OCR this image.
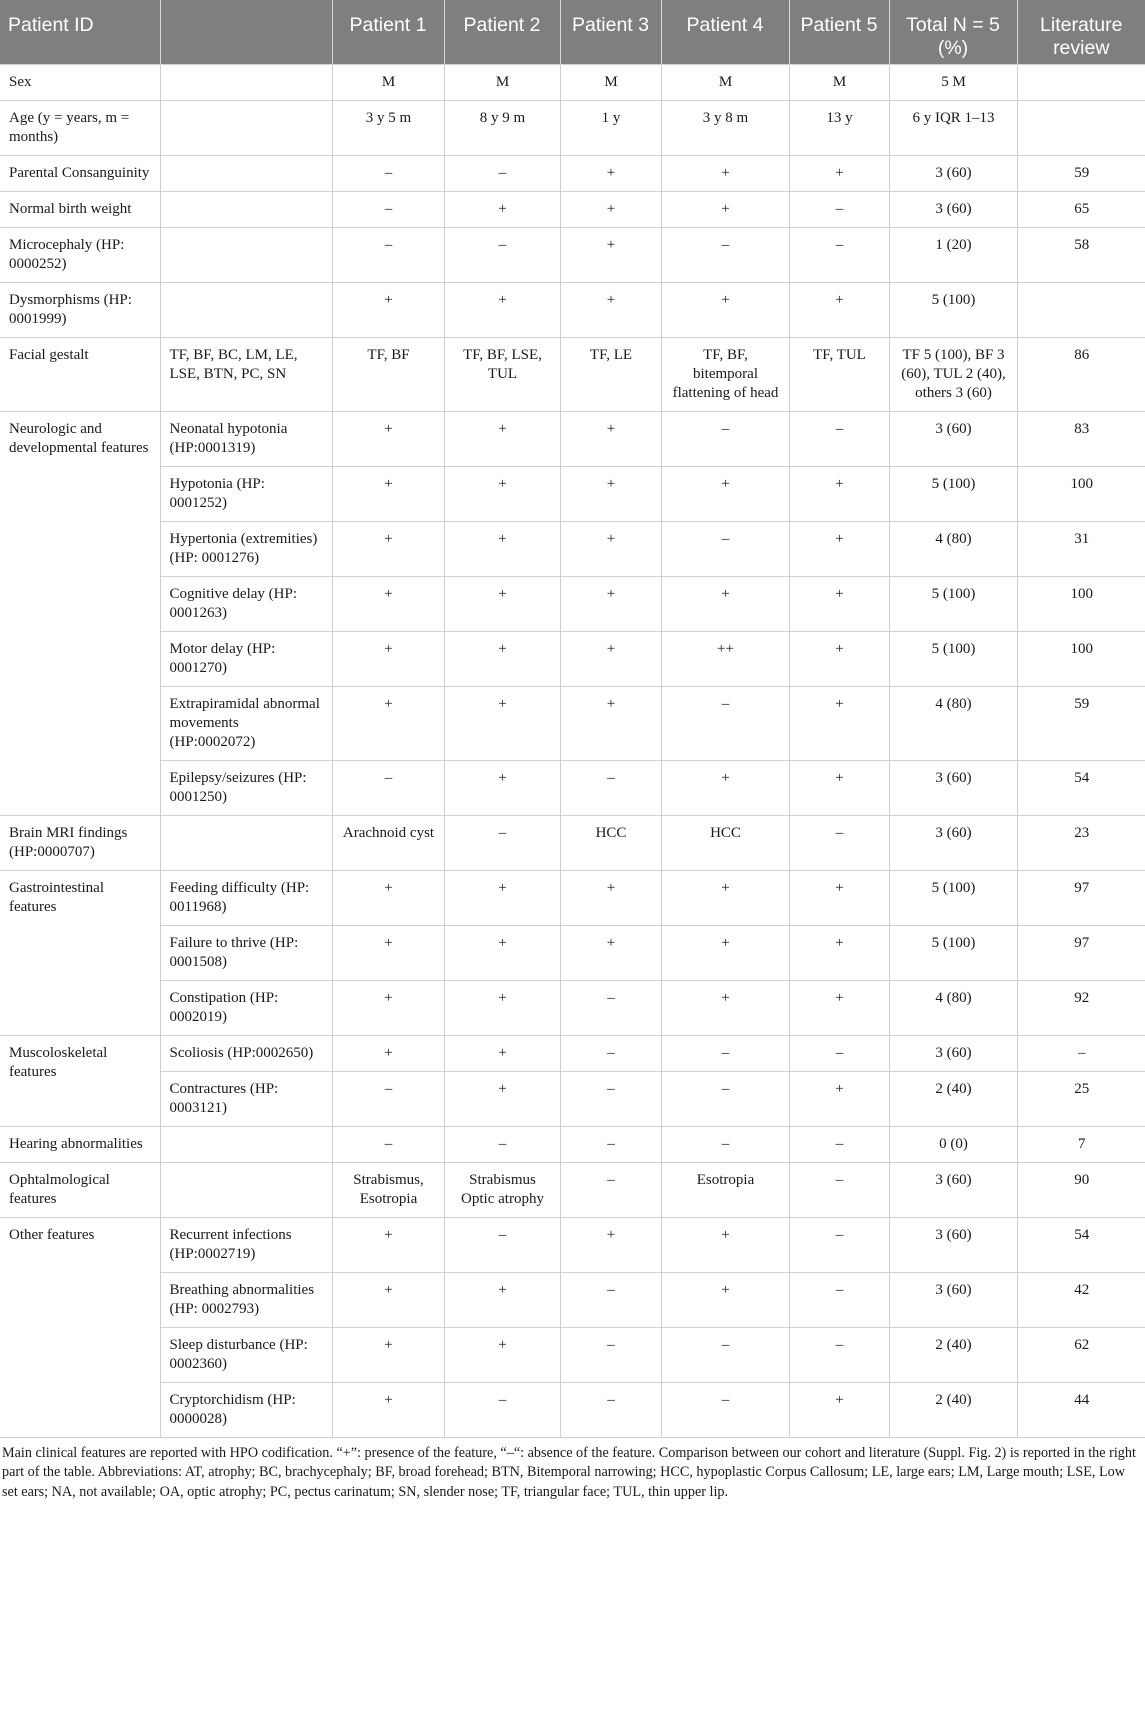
Patient ID		Patient 1	Patient 2	Patient 3	Patient 4	Patient 5	Total N = 5 (%)	Literature review
Sex		M	M	M	M	M	5 M	
Age (y = years, m = months)		3 y 5 m	8 y 9 m	1 y	3 y 8 m	13 y	6 y IQR 1–13	
Parental Consanguinity		–	–	+	+	+	3 (60)	59
Normal birth weight		–	+	+	+	–	3 (60)	65
Microcephaly (HP: 0000252)		–	–	+	–	–	1 (20)	58
Dysmorphisms (HP: 0001999)		+	+	+	+	+	5 (100)	
Facial gestalt	TF, BF, BC, LM, LE, LSE, BTN, PC, SN	TF, BF	TF, BF, LSE, TUL	TF, LE	TF, BF, bitemporal flattening of head	TF, TUL	TF 5 (100), BF 3 (60), TUL 2 (40), others 3 (60)	86
Neurologic and developmental features	Neonatal hypotonia (HP:0001319)	+	+	+	–	–	3 (60)	83
	Hypotonia (HP: 0001252)	+	+	+	+	+	5 (100)	100
	Hypertonia (extremities) (HP: 0001276)	+	+	+	–	+	4 (80)	31
	Cognitive delay (HP: 0001263)	+	+	+	+	+	5 (100)	100
	Motor delay (HP: 0001270)	+	+	+	++	+	5 (100)	100
	Extrapiramidal abnormal movements (HP:0002072)	+	+	+	–	+	4 (80)	59
	Epilepsy/seizures (HP: 0001250)	–	+	–	+	+	3 (60)	54
Brain MRI findings (HP:0000707)		Arachnoid cyst	–	HCC	HCC	–	3 (60)	23
Gastrointestinal features	Feeding difficulty (HP: 0011968)	+	+	+	+	+	5 (100)	97
	Failure to thrive (HP: 0001508)	+	+	+	+	+	5 (100)	97
	Constipation (HP: 0002019)	+	+	–	+	+	4 (80)	92
Muscoloskeletal features	Scoliosis (HP:0002650)	+	+	–	–	–	3 (60)	–
	Contractures (HP: 0003121)	–	+	–	–	+	2 (40)	25
Hearing abnormalities		–	–	–	–	–	0 (0)	7
Ophtalmological features		Strabismus, Esotropia	Strabismus Optic atrophy	–	Esotropia	–	3 (60)	90
Other features	Recurrent infections (HP:0002719)	+	–	+	+	–	3 (60)	54
	Breathing abnormalities (HP: 0002793)	+	+	–	+	–	3 (60)	42
	Sleep disturbance (HP: 0002360)	+	+	–	–	–	2 (40)	62
	Cryptorchidism (HP: 0000028)	+	–	–	–	+	2 (40)	44
Main clinical features are reported with HPO codification. “+”: presence of the feature, “–“: absence of the feature. Comparison between our cohort and literature (Suppl. Fig. 2) is reported in the right part of the table. Abbreviations: AT, atrophy; BC, brachycephaly; BF, broad forehead; BTN, Bitemporal narrowing; HCC, hypoplastic Corpus Callosum; LE, large ears; LM, Large mouth; LSE, Low set ears; NA, not available; OA, optic atrophy; PC, pectus carinatum; SN, slender nose; TF, triangular face; TUL, thin upper lip.
